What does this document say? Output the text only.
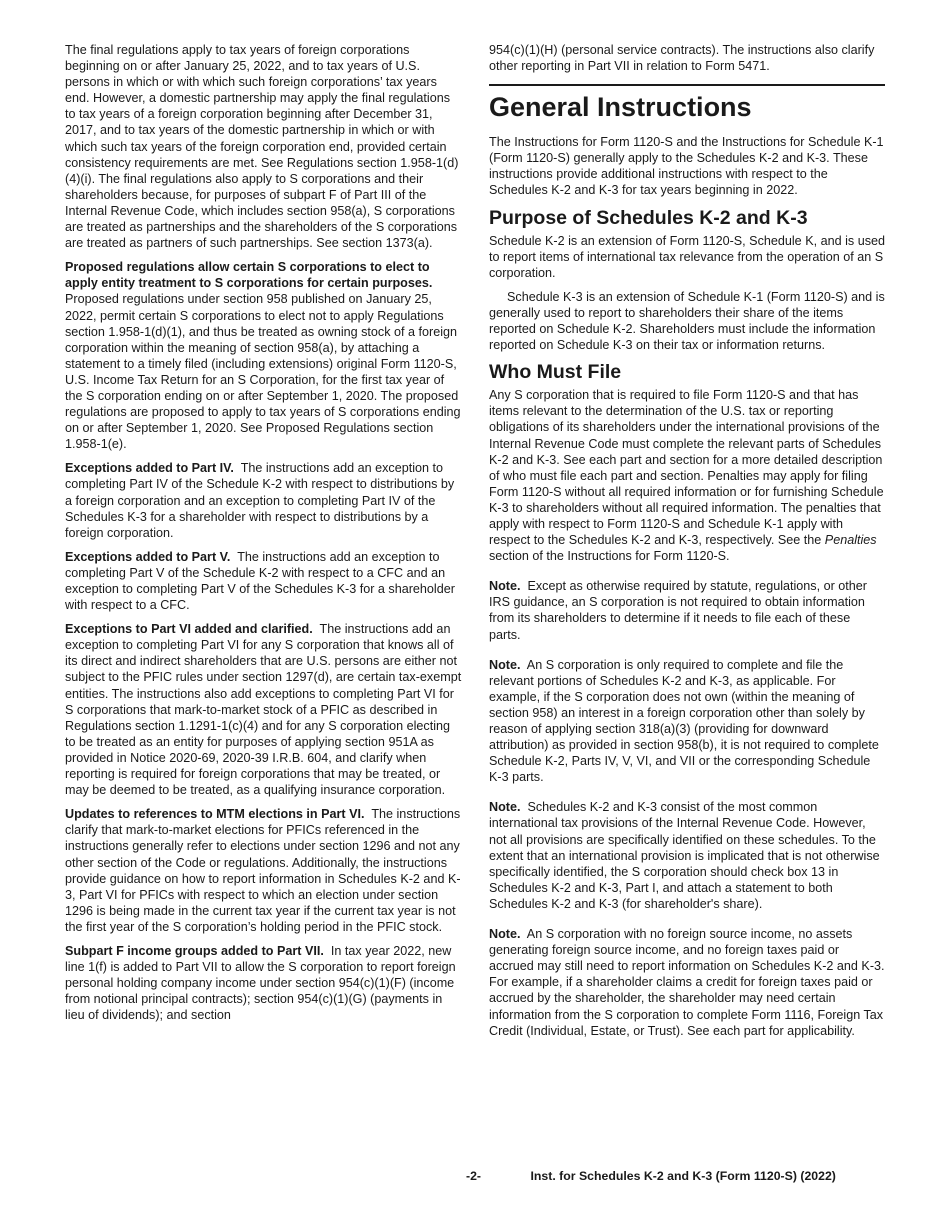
The final regulations apply to tax years of foreign corporations beginning on or after January 25, 2022, and to tax years of U.S. persons in which or with which such foreign corporations’ tax years end. However, a domestic partnership may apply the final regulations to tax years of a foreign corporation beginning after December 31, 2017, and to tax years of the domestic partnership in which or with which such tax years of the foreign corporation end, provided certain consistency requirements are met. See Regulations section 1.958-1(d)(4)(i). The final regulations also apply to S corporations and their shareholders because, for purposes of subpart F of Part III of the Internal Revenue Code, which includes section 958(a), S corporations are treated as partnerships and the shareholders of the S corporations are treated as partners of such partnerships. See section 1373(a).

Proposed regulations allow certain S corporations to elect to apply entity treatment to S corporations for certain purposes.  Proposed regulations under section 958 published on January 25, 2022, permit certain S corporations to elect not to apply Regulations section 1.958-1(d)(1), and thus be treated as owning stock of a foreign corporation within the meaning of section 958(a), by attaching a statement to a timely filed (including extensions) original Form 1120-S, U.S. Income Tax Return for an S Corporation, for the first tax year of the S corporation ending on or after September 1, 2020. The proposed regulations are proposed to apply to tax years of S corporations ending on or after September 1, 2020. See Proposed Regulations section 1.958-1(e).

Exceptions added to Part IV. The instructions add an exception to completing Part IV of the Schedule K-2 with respect to distributions by a foreign corporation and an exception to completing Part IV of the Schedules K-3 for a shareholder with respect to distributions by a foreign corporation.

Exceptions added to Part V. The instructions add an exception to completing Part V of the Schedule K-2 with respect to a CFC and an exception to completing Part V of the Schedules K-3 for a shareholder with respect to a CFC.

Exceptions to Part VI added and clarified. The instructions add an exception to completing Part VI for any S corporation that knows all of its direct and indirect shareholders that are U.S. persons are either not subject to the PFIC rules under section 1297(d), are certain tax-exempt entities. The instructions also add exceptions to completing Part VI for S corporations that mark-to-market stock of a PFIC as described in Regulations section 1.1291-1(c)(4) and for any S corporation electing to be treated as an entity for purposes of applying section 951A as provided in Notice 2020-69, 2020-39 I.R.B. 604, and clarify when reporting is required for foreign corporations that may be treated, or may be deemed to be treated, as a qualifying insurance corporation.

Updates to references to MTM elections in Part VI. The instructions clarify that mark-to-market elections for PFICs referenced in the instructions generally refer to elections under section 1296 and not any other section of the Code or regulations. Additionally, the instructions provide guidance on how to report information in Schedules K-2 and K-3, Part VI for PFICs with respect to which an election under section 1296 is being made in the current tax year if the current tax year is not the first year of the S corporation’s holding period in the PFIC stock.

Subpart F income groups added to Part VII. In tax year 2022, new line 1(f) is added to Part VII to allow the S corporation to report foreign personal holding company income under section 954(c)(1)(F) (income from notional principal contracts); section 954(c)(1)(G) (payments in lieu of dividends); and section

954(c)(1)(H) (personal service contracts). The instructions also clarify other reporting in Part VII in relation to Form 5471.

General Instructions

The Instructions for Form 1120-S and the Instructions for Schedule K-1 (Form 1120-S) generally apply to the Schedules K-2 and K-3. These instructions provide additional instructions with respect to the Schedules K-2 and K-3 for tax years beginning in 2022.

Purpose of Schedules K-2 and K-3

Schedule K-2 is an extension of Form 1120-S, Schedule K, and is used to report items of international tax relevance from the operation of an S corporation.

Schedule K-3 is an extension of Schedule K-1 (Form 1120-S) and is generally used to report to shareholders their share of the items reported on Schedule K-2. Shareholders must include the information reported on Schedule K-3 on their tax or information returns.

Who Must File

Any S corporation that is required to file Form 1120-S and that has items relevant to the determination of the U.S. tax or reporting obligations of its shareholders under the international provisions of the Internal Revenue Code must complete the relevant parts of Schedules K-2 and K-3. See each part and section for a more detailed description of who must file each part and section. Penalties may apply for filing Form 1120-S without all required information or for furnishing Schedule K-3 to shareholders without all required information. The penalties that apply with respect to Form 1120-S and Schedule K-1 apply with respect to the Schedules K-2 and K-3, respectively. See the Penalties section of the Instructions for Form 1120-S.

Note. Except as otherwise required by statute, regulations, or other IRS guidance, an S corporation is not required to obtain information from its shareholders to determine if it needs to file each of these parts.

Note. An S corporation is only required to complete and file the relevant portions of Schedules K-2 and K-3, as applicable. For example, if the S corporation does not own (within the meaning of section 958) an interest in a foreign corporation other than solely by reason of applying section 318(a)(3) (providing for downward attribution) as provided in section 958(b), it is not required to complete Schedule K-2, Parts IV, V, VI, and VII or the corresponding Schedule K-3 parts.

Note. Schedules K-2 and K-3 consist of the most common international tax provisions of the Internal Revenue Code. However, not all provisions are specifically identified on these schedules. To the extent that an international provision is implicated that is not otherwise specifically identified, the S corporation should check box 13 in Schedules K-2 and K-3, Part I, and attach a statement to both Schedules K-2 and K-3 (for shareholder's share).

Note. An S corporation with no foreign source income, no assets generating foreign source income, and no foreign taxes paid or accrued may still need to report information on Schedules K-2 and K-3. For example, if a shareholder claims a credit for foreign taxes paid or accrued by the shareholder, the shareholder may need certain information from the S corporation to complete Form 1116, Foreign Tax Credit (Individual, Estate, or Trust). See each part for applicability.

-2-	Inst. for Schedules K-2 and K-3 (Form 1120-S) (2022)
